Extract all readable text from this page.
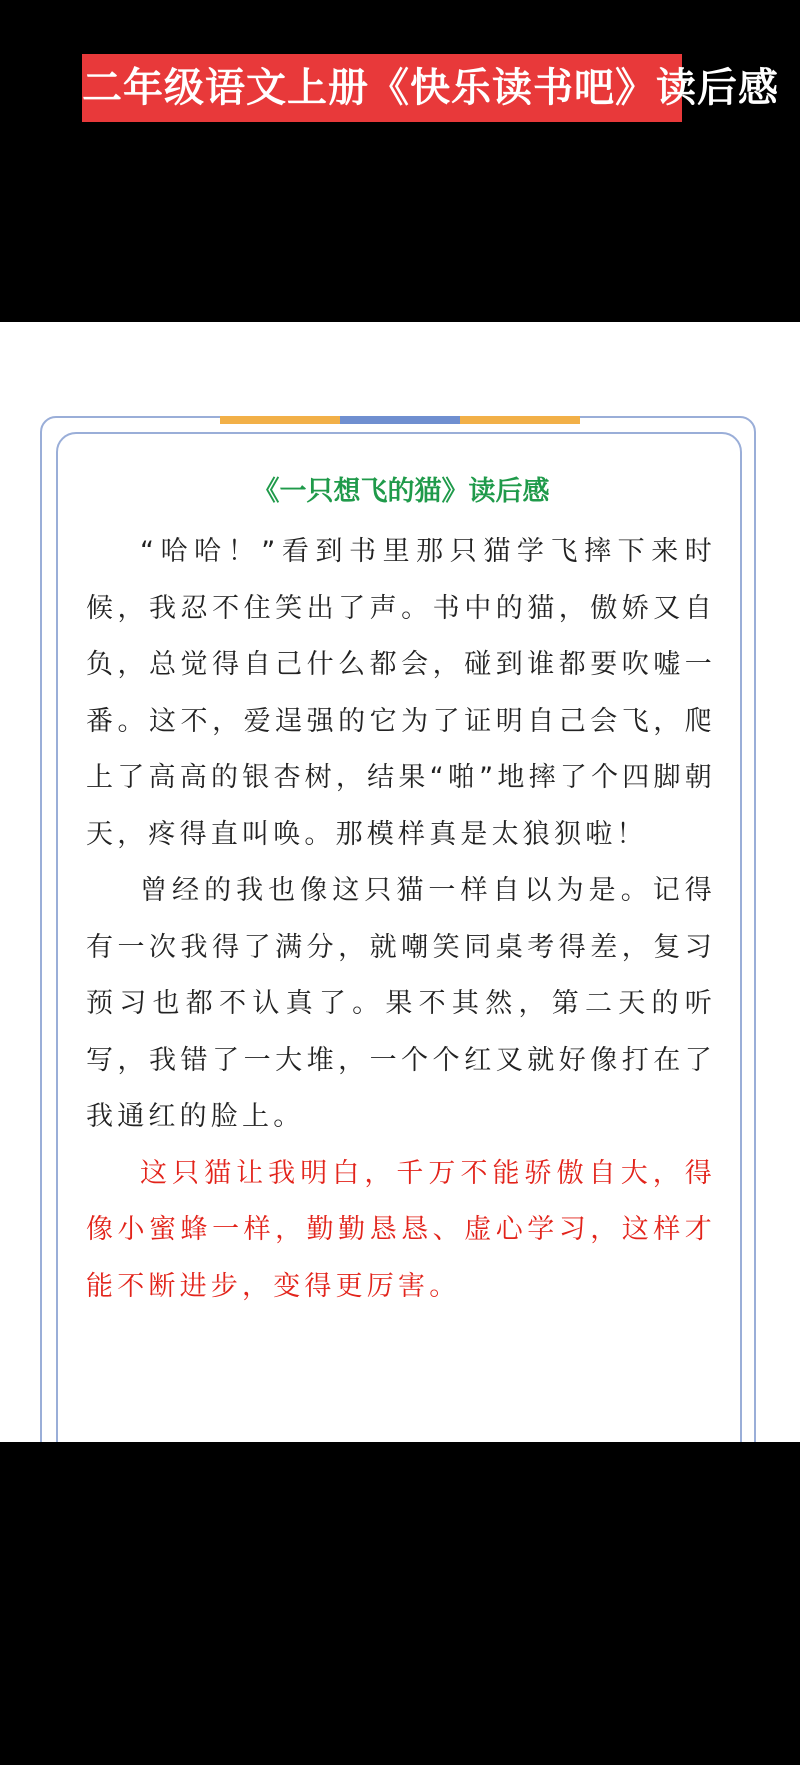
二年级语文上册《快乐读书吧》读后感
《一只想飞的猫》读后感

“哈哈！”看到书里那只猫学飞摔下来时候，我忍不住笑出了声。书中的猫，傲娇又自负，总觉得自己什么都会，碰到谁都要吹嘘一番。这不，爱逞强的它为了证明自己会飞，爬上了高高的银杏树，结果“啪”地摔了个四脚朝天，疼得直叫唤。那模样真是太狼狈啦！

曾经的我也像这只猫一样自以为是。记得有一次我得了满分，就嘲笑同桌考得差，复习预习也都不认真了。果不其然，第二天的听写，我错了一大堆，一个个红叉就好像打在了我通红的脸上。

这只猫让我明白，千万不能骄傲自大，得像小蜜蜂一样，勤勤恳恳、虚心学习，这样才能不断进步，变得更厉害。
